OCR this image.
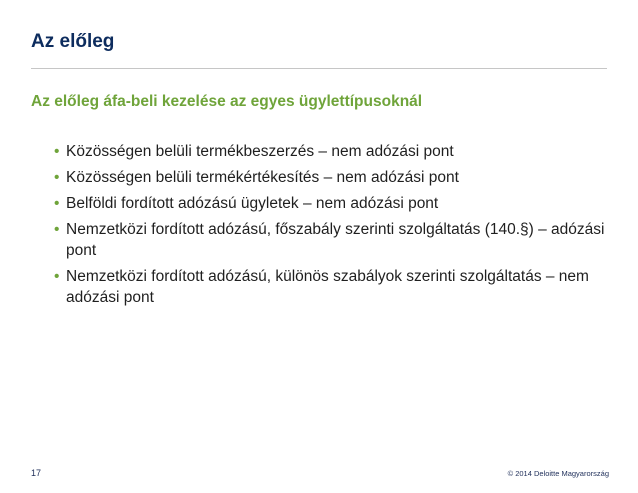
Az előleg
Az előleg áfa-beli kezelése az egyes ügylettípusoknál
• Közösségen belüli termékbeszerzés – nem adózási pont
• Közösségen belüli termékértékesítés – nem adózási pont
• Belföldi fordított adózású ügyletek – nem adózási pont
• Nemzetközi fordított adózású, főszabály szerinti szolgáltatás (140.§) – adózási pont
• Nemzetközi fordított adózású, különös szabályok szerinti szolgáltatás – nem adózási pont
17	© 2014 Deloitte Magyarország
